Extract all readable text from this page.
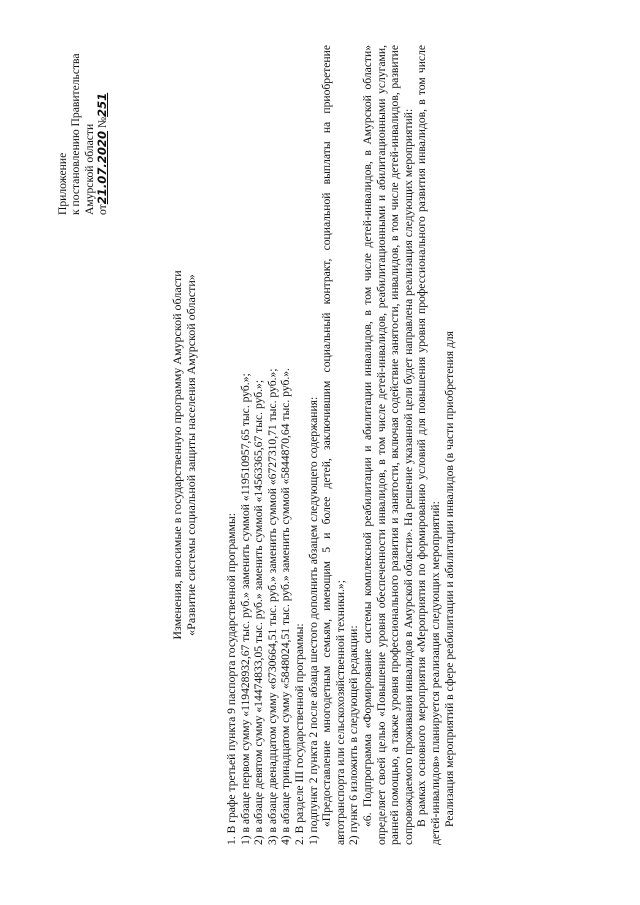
Приложение к постановлению Правительства Амурской области от21.07.2020 №251
Изменения, вносимые в государственную программу Амурской области «Развитие системы социальной защиты населения Амурской области»

1. В графе третьей пункта 9 паспорта государственной программы: 1) в абзаце первом сумму «119428932,67 тыс. руб.» заменить суммой «119510957,65 тыс. руб.»; 2) в абзаце девятом сумму «14474833,05 тыс. руб.» заменить суммой «14563365,67 тыс. руб.»; 3) в абзаце двенадцатом сумму «6730664,51 тыс. руб.» заменить суммой «6727310,71 тыс. руб.»; 4) в абзаце тринадцатом сумму «5848024,51 тыс. руб.» заменить суммой «5844870,64 тыс. руб.». 2. В разделе III государственной программы: 1) подпункт 2 пункта 2 после абзаца шестого дополнить абзацем следующего содержания: «Предоставление многодетным семьям, имеющим 5 и более детей, заключившим социальный контракт, социальной выплаты на приобретение автотранспорта или сельскохозяйственной техники.»; 2) пункт 6 изложить в следующей редакции: «6. Подпрограмма «Формирование системы комплексной реабилитации и абилитации инвалидов, в том числе детей-инвалидов, в Амурской области» определяет своей целью «Повышение уровня обеспеченности инвалидов, в том числе детей-инвалидов, реабилитационными и абилитационными услугами, ранней помощью, а также уровня профессионального развития и занятости, включая содействие занятости, инвалидов, в том числе детей-инвалидов, развитие сопровождаемого проживания инвалидов в Амурской области». На решение указанной цели будет направлена реализация следующих мероприятий: В рамках основного мероприятия «Мероприятия по формированию условий для повышения уровня профессионального развития инвалидов, в том числе детей-инвалидов» планируется реализация следующих мероприятий: Реализация мероприятий в сфере реабилитации и абилитации инвалидов (в части приобретения для
